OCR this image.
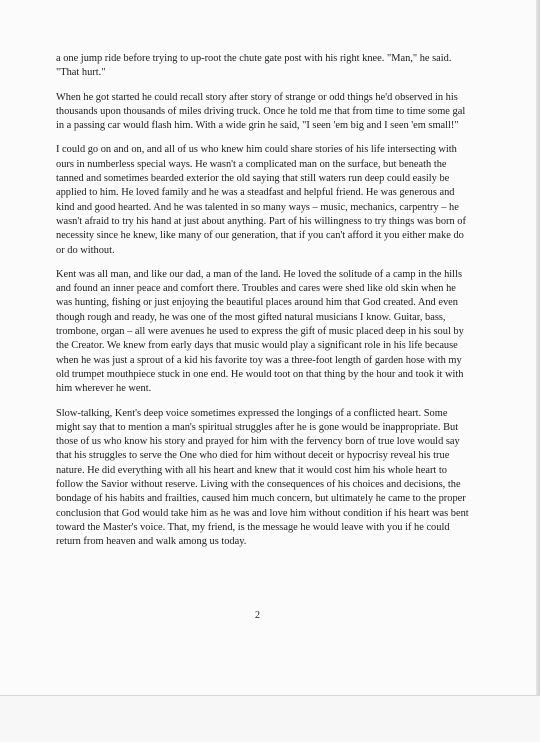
a one jump ride before trying to up-root the chute gate post with his right knee. "Man," he said. "That hurt."

When he got started he could recall story after story of strange or odd things he'd observed in his thousands upon thousands of miles driving truck. Once he told me that from time to time some gal in a passing car would flash him. With a wide grin he said, "I seen 'em big and I seen 'em small!"

I could go on and on, and all of us who knew him could share stories of his life intersecting with ours in numberless special ways. He wasn't a complicated man on the surface, but beneath the tanned and sometimes bearded exterior the old saying that still waters run deep could easily be applied to him. He loved family and he was a steadfast and helpful friend. He was generous and kind and good hearted. And he was talented in so many ways – music, mechanics, carpentry – he wasn't afraid to try his hand at just about anything. Part of his willingness to try things was born of necessity since he knew, like many of our generation, that if you can't afford it you either make do or do without.

Kent was all man, and like our dad, a man of the land. He loved the solitude of a camp in the hills and found an inner peace and comfort there. Troubles and cares were shed like old skin when he was hunting, fishing or just enjoying the beautiful places around him that God created. And even though rough and ready, he was one of the most gifted natural musicians I know. Guitar, bass, trombone, organ – all were avenues he used to express the gift of music placed deep in his soul by the Creator. We knew from early days that music would play a significant role in his life because when he was just a sprout of a kid his favorite toy was a three-foot length of garden hose with my old trumpet mouthpiece stuck in one end. He would toot on that thing by the hour and took it with him wherever he went.

Slow-talking, Kent's deep voice sometimes expressed the longings of a conflicted heart. Some might say that to mention a man's spiritual struggles after he is gone would be inappropriate. But those of us who know his story and prayed for him with the fervency born of true love would say that his struggles to serve the One who died for him without deceit or hypocrisy reveal his true nature. He did everything with all his heart and knew that it would cost him his whole heart to follow the Savior without reserve. Living with the consequences of his choices and decisions, the bondage of his habits and frailties, caused him much concern, but ultimately he came to the proper conclusion that God would take him as he was and love him without condition if his heart was bent toward the Master's voice. That, my friend, is the message he would leave with you if he could return from heaven and walk among us today.

2
